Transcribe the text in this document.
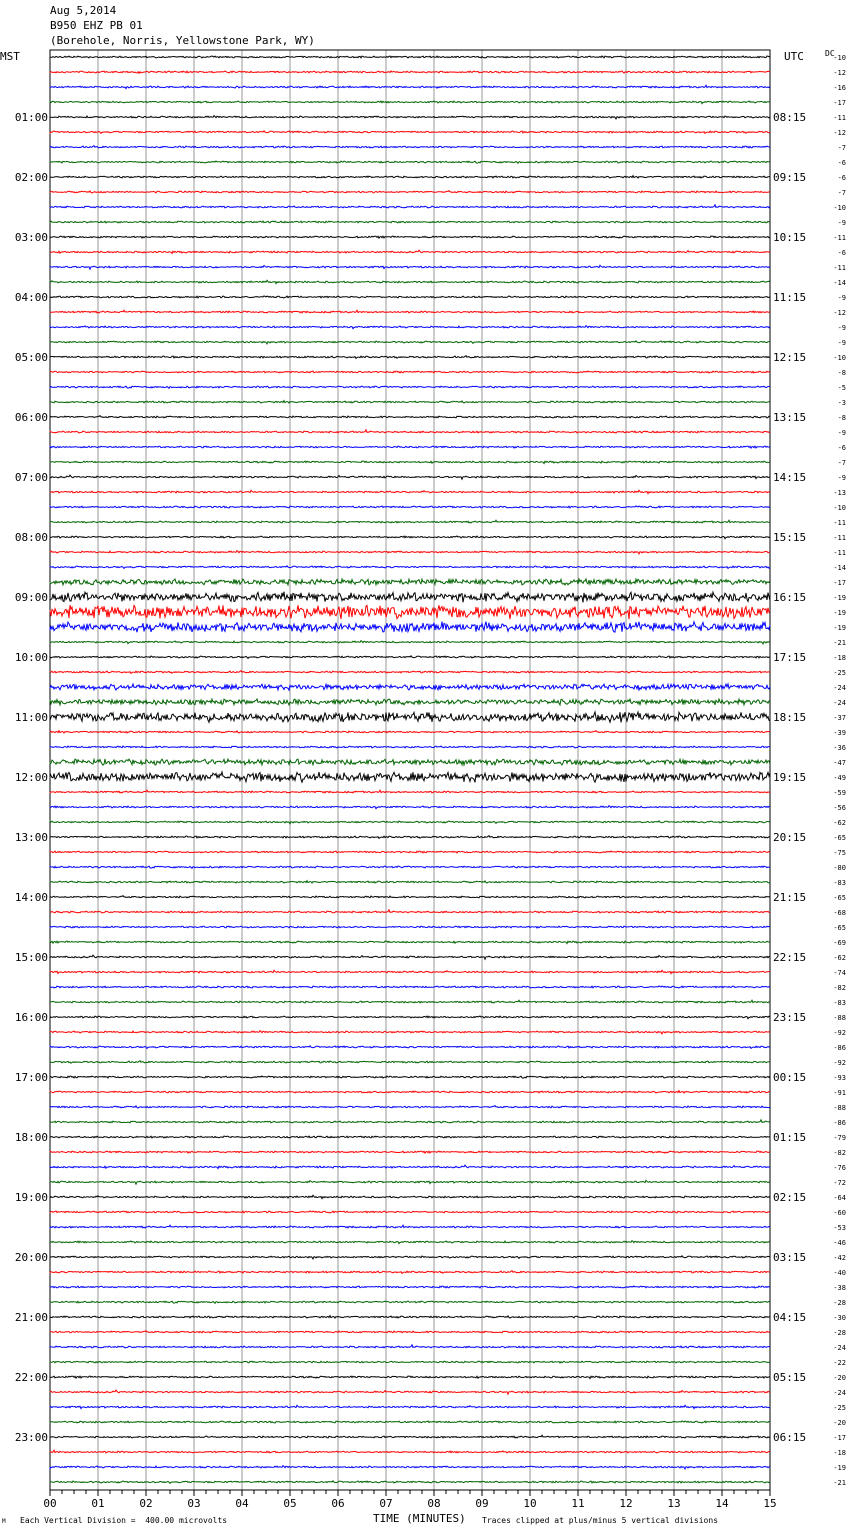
Aug 5,2014
B950 EHZ PB 01
(Borehole, Norris, Yellowstone Park, WY)
MST	UTC	DC
-10
-12
-16
-17
-11
01:00	08:15
-12
-7
-6
-6
02:00	09:15
-7
-10
-9
-11
03:00	10:15
-6
-11
-14
-9
04:00	11:15
-12
-9
-9
-10
05:00	12:15
-8
-5
-3
-8
06:00	13:15
-9
-6
-7
-9
07:00	14:15
-13
-10
-11
-11
08:00	15:15
-11
-14
-17
-19
09:00	16:15
-19
-19
-21
-18
10:00	17:15
-25
-24
-24
-37
11:00	18:15
-39
-36
-47
-49
12:00	19:15
-59
-56
-62
-65
13:00	20:15
-75
-80
-83
-65
14:00	21:15
-68
-65
-69
-62
15:00	22:15
-74
-82
-83
-88
16:00	23:15
-92
-86
-92
-93
17:00	00:15
-91
-88
-86
-79
18:00	01:15
-82
-76
-72
-64
19:00	02:15
-60
-53
-46
-42
20:00	03:15
-40
-38
-28
-30
21:00	04:15
-28
-24
-22
-20
22:00	05:15
-24
-25
-20
-17
23:00	06:15
-18
-19
-21
00	01	02	03	04	05	06	07	08	09	10	11	12	13	14	15
TIME (MINUTES)
Each Vertical Division =  400.00 microvolts	Traces clipped at plus/minus 5 vertical divisions
M
